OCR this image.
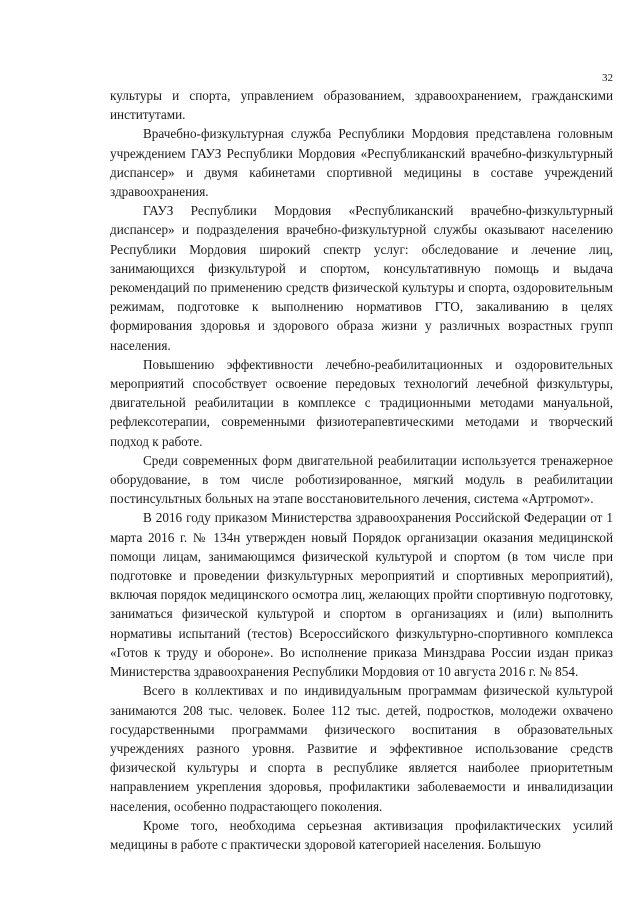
32

культуры и спорта, управлением образованием, здравоохранением, гражданскими институтами.

Врачебно-физкультурная служба Республики Мордовия представлена головным учреждением ГАУЗ Республики Мордовия «Республиканский врачебно-физкультурный диспансер» и двумя кабинетами спортивной медицины в составе учреждений здравоохранения.

ГАУЗ Республики Мордовия «Республиканский врачебно-физкультурный диспансер» и подразделения врачебно-физкультурной службы оказывают населению Республики Мордовия широкий спектр услуг: обследование и лечение лиц, занимающихся физкультурой и спортом, консультативную помощь и выдача рекомендаций по применению средств физической культуры и спорта, оздоровительным режимам, подготовке к выполнению нормативов ГТО, закаливанию в целях формирования здоровья и здорового образа жизни у различных возрастных групп населения.

Повышению эффективности лечебно-реабилитационных и оздоровительных мероприятий способствует освоение передовых технологий лечебной физкультуры, двигательной реабилитации в комплексе с традиционными методами мануальной, рефлексотерапии, современными физиотерапевтическими методами и творческий подход к работе.

Среди современных форм двигательной реабилитации используется тренажерное оборудование, в том числе роботизированное, мягкий модуль в реабилитации постинсультных больных на этапе восстановительного лечения, система «Артромот».

В 2016 году приказом Министерства здравоохранения Российской Федерации от 1 марта 2016 г. № 134н утвержден новый Порядок организации оказания медицинской помощи лицам, занимающимся физической культурой и спортом (в том числе при подготовке и проведении физкультурных мероприятий и спортивных мероприятий), включая порядок медицинского осмотра лиц, желающих пройти спортивную подготовку, заниматься физической культурой и спортом в организациях и (или) выполнить нормативы испытаний (тестов) Всероссийского физкультурно-спортивного комплекса «Готов к труду и обороне». Во исполнение приказа Минздрава России издан приказ Министерства здравоохранения Республики Мордовия от 10 августа 2016 г. № 854.

Всего в коллективах и по индивидуальным программам физической культурой занимаются 208 тыс. человек. Более 112 тыс. детей, подростков, молодежи охвачено государственными программами физического воспитания в образовательных учреждениях разного уровня. Развитие и эффективное использование средств физической культуры и спорта в республике является наиболее приоритетным направлением укрепления здоровья, профилактики заболеваемости и инвалидизации населения, особенно подрастающего поколения.

Кроме того, необходима серьезная активизация профилактических усилий медицины в работе с практически здоровой категорией населения. Большую
